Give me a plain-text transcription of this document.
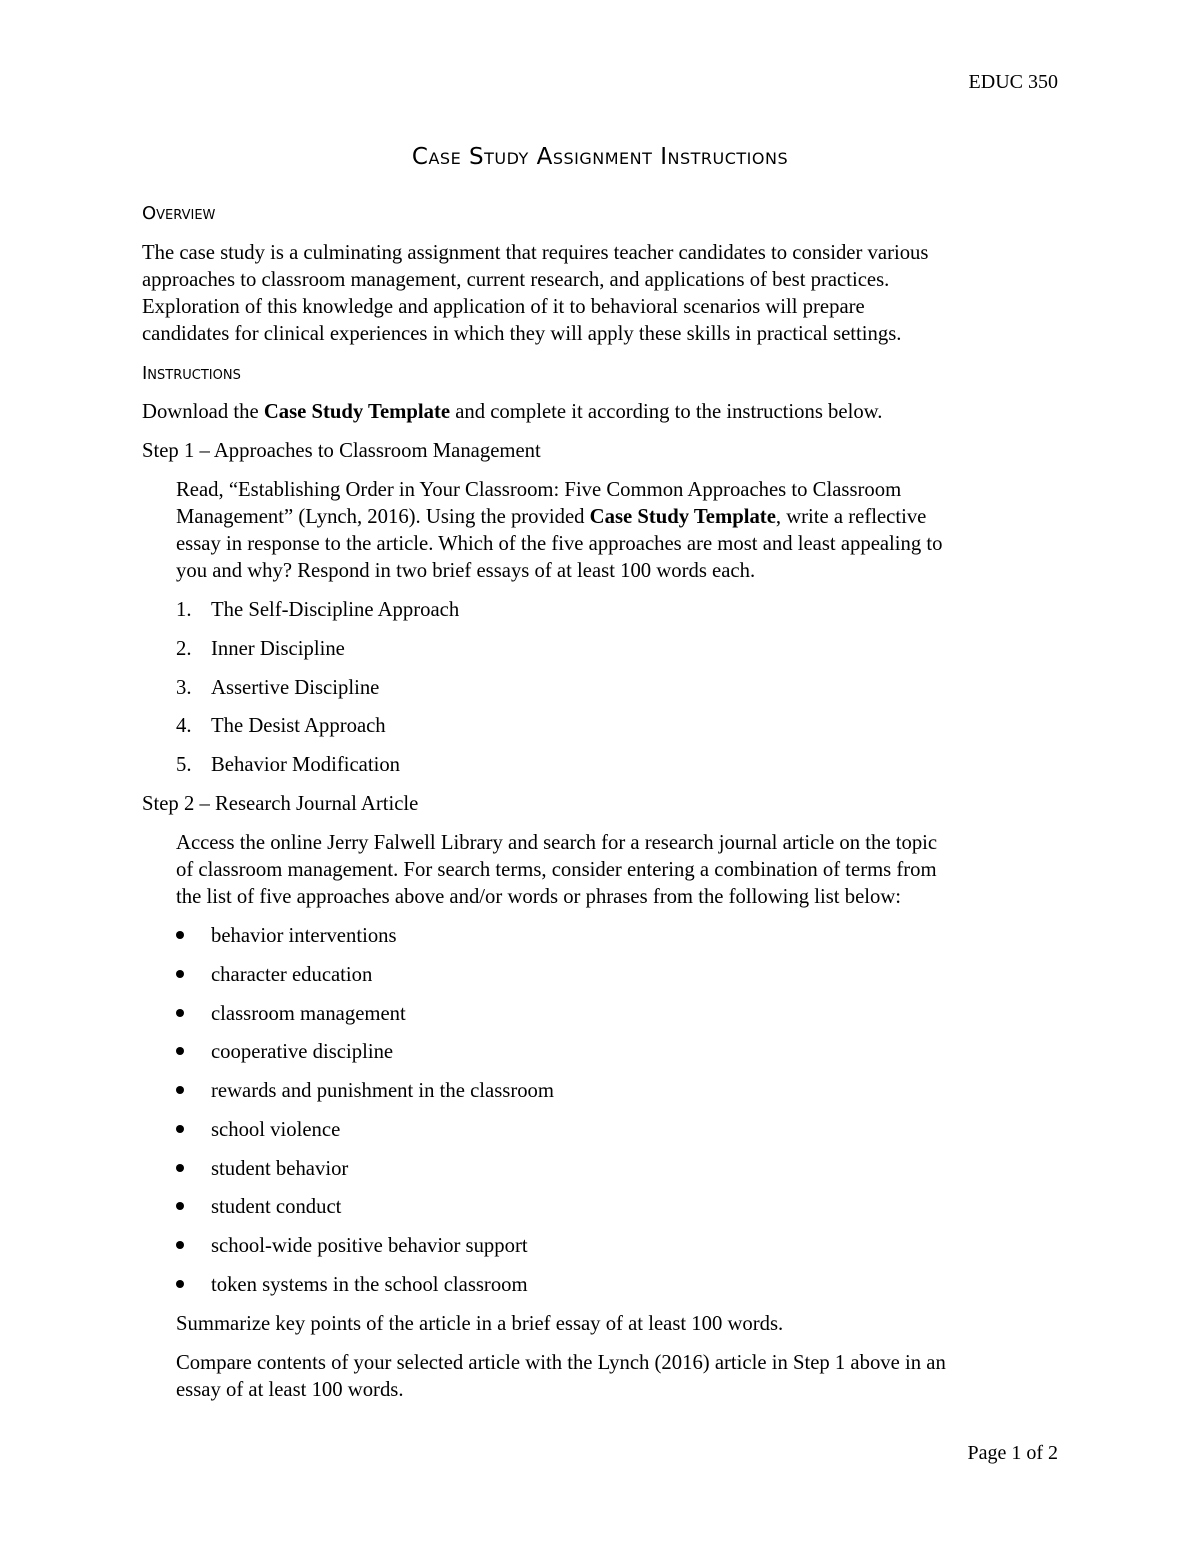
EDUC 350
Case Study Assignment Instructions
Overview
The case study is a culminating assignment that requires teacher candidates to consider various
approaches to classroom management, current research, and applications of best practices.
Exploration of this knowledge and application of it to behavioral scenarios will prepare
candidates for clinical experiences in which they will apply these skills in practical settings.
Instructions
Download the Case Study Template and complete it according to the instructions below.
Step 1 – Approaches to Classroom Management
Read, “Establishing Order in Your Classroom: Five Common Approaches to Classroom
Management” (Lynch, 2016). Using the provided Case Study Template, write a reflective
essay in response to the article. Which of the five approaches are most and least appealing to
you and why? Respond in two brief essays of at least 100 words each.
1. The Self-Discipline Approach
2. Inner Discipline
3. Assertive Discipline
4. The Desist Approach
5. Behavior Modification
Step 2 – Research Journal Article
Access the online Jerry Falwell Library and search for a research journal article on the topic
of classroom management. For search terms, consider entering a combination of terms from
the list of five approaches above and/or words or phrases from the following list below:
behavior interventions
character education
classroom management
cooperative discipline
rewards and punishment in the classroom
school violence
student behavior
student conduct
school-wide positive behavior support
token systems in the school classroom
Summarize key points of the article in a brief essay of at least 100 words.
Compare contents of your selected article with the Lynch (2016) article in Step 1 above in an
essay of at least 100 words.
Page 1 of 2
